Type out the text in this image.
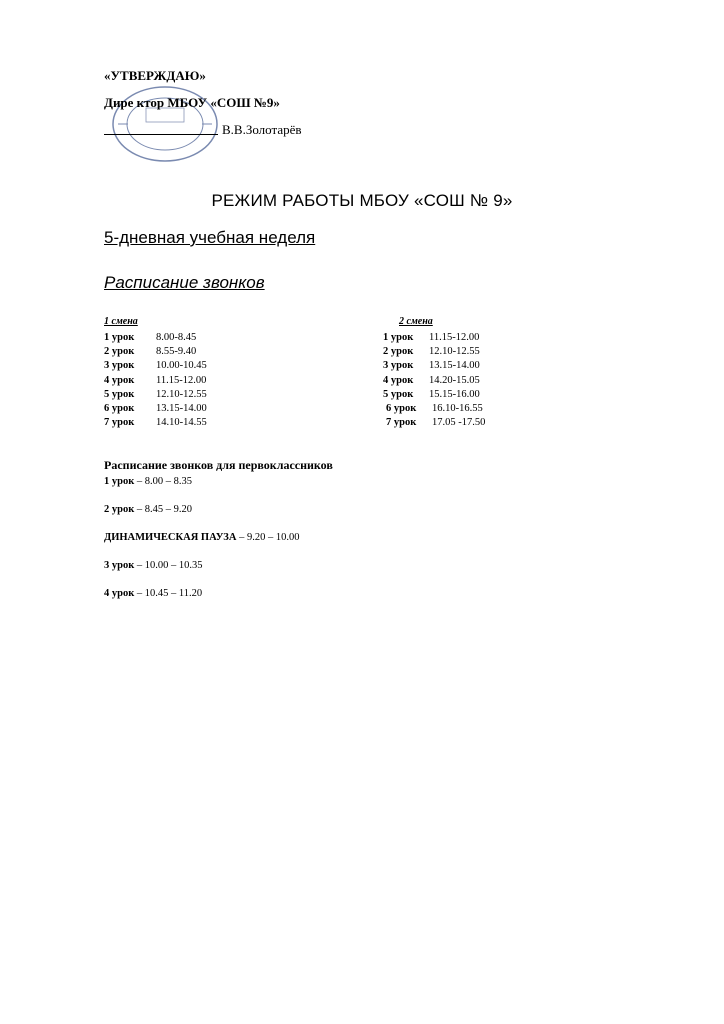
«УТВЕРЖДАЮ»
Дире ктор МБОУ «СОШ №9»
В.В.Золотарёв
РЕЖИМ РАБОТЫ МБОУ «СОШ № 9»
5-дневная учебная неделя
Расписание звонков
1 смена	2 смена
1 урок 8.00-8.45
2 урок 8.55-9.40
3 урок 10.00-10.45
4 урок 11.15-12.00
5 урок 12.10-12.55
6 урок 13.15-14.00
7 урок 14.10-14.55
1 урок 11.15-12.00
2 урок 12.10-12.55
3 урок 13.15-14.00
4 урок 14.20-15.05
5 урок 15.15-16.00
6 урок 16.10-16.55
7 урок 17.05 -17.50
Расписание звонков для первоклассников
1 урок – 8.00 – 8.35
2 урок – 8.45 – 9.20
ДИНАМИЧЕСКАЯ ПАУЗА – 9.20 – 10.00
3 урок – 10.00 – 10.35
4 урок – 10.45 – 11.20
